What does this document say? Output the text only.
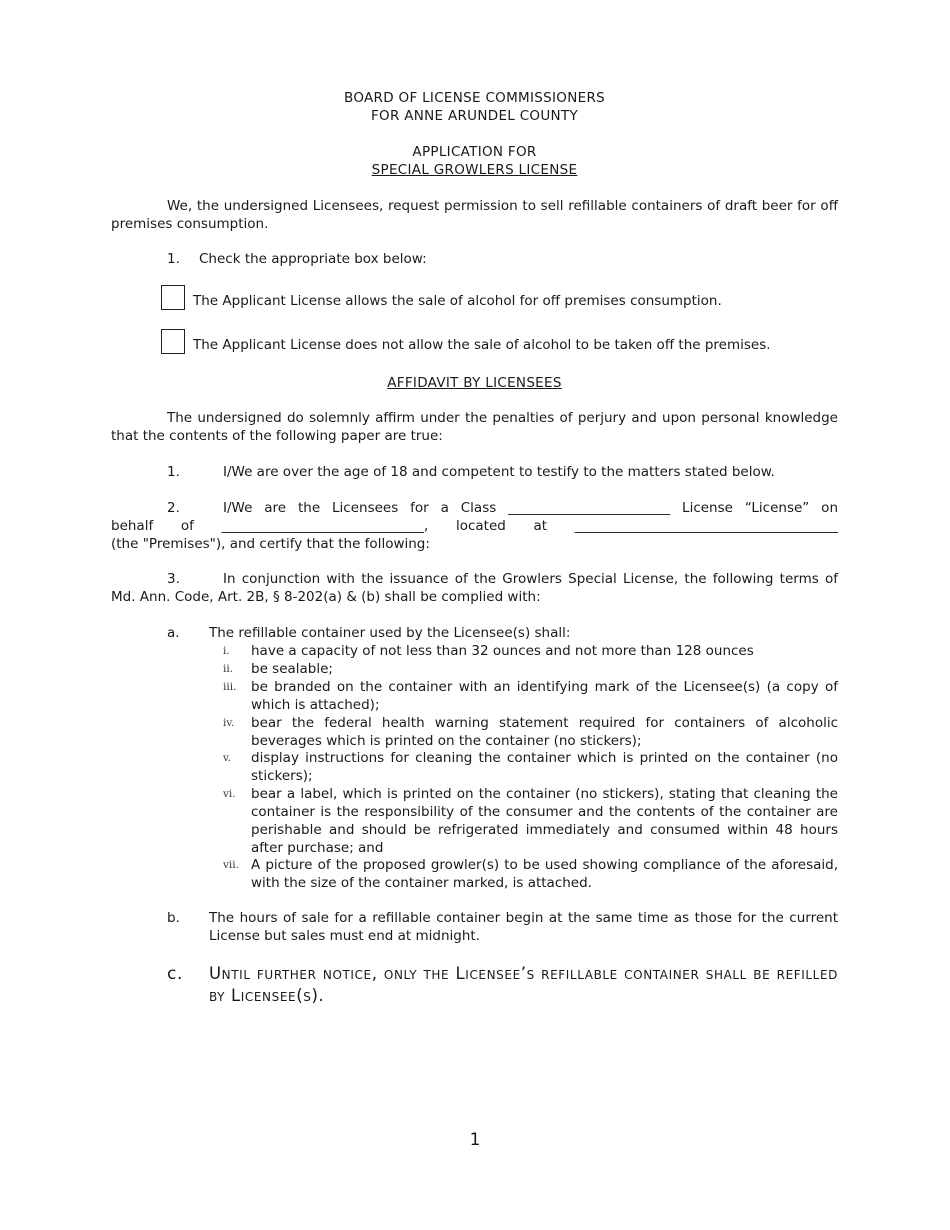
BOARD OF LICENSE COMMISSIONERS
FOR ANNE ARUNDEL COUNTY
APPLICATION FOR
SPECIAL GROWLERS LICENSE
We, the undersigned Licensees, request permission to sell refillable containers of draft beer for off premises consumption.
1. Check the appropriate box below:
The Applicant License allows the sale of alcohol for off premises consumption.
The Applicant License does not allow the sale of alcohol to be taken off the premises.
AFFIDAVIT BY LICENSEES
The undersigned do solemnly affirm under the penalties of perjury and upon personal knowledge that the contents of the following paper are true:
1.	I/We are over the age of 18 and competent to testify to the matters stated below.
2.	I/We are the Licensees for a Class ________________________ License “License” on
behalf of ______________________________, located at _______________________________________
(the "Premises"), and certify that the following:
3.	In conjunction with the issuance of the Growlers Special License, the following terms of Md. Ann. Code, Art. 2B, § 8-202(a) & (b) shall be complied with:
a. The refillable container used by the Licensee(s) shall:
i. have a capacity of not less than 32 ounces and not more than 128 ounces
ii. be sealable;
iii. be branded on the container with an identifying mark of the Licensee(s) (a copy of which is attached);
iv. bear the federal health warning statement required for containers of alcoholic beverages which is printed on the container (no stickers);
v. display instructions for cleaning the container which is printed on the container (no stickers);
vi. bear a label, which is printed on the container (no stickers), stating that cleaning the container is the responsibility of the consumer and the contents of the container are perishable and should be refrigerated immediately and consumed within 48 hours after purchase; and
vii. A picture of the proposed growler(s) to be used showing compliance of the aforesaid, with the size of the container marked, is attached.
b. The hours of sale for a refillable container begin at the same time as those for the current License but sales must end at midnight.
c. Until further notice, only the Licensee’s refillable container shall be refilled by Licensee(s).
1
